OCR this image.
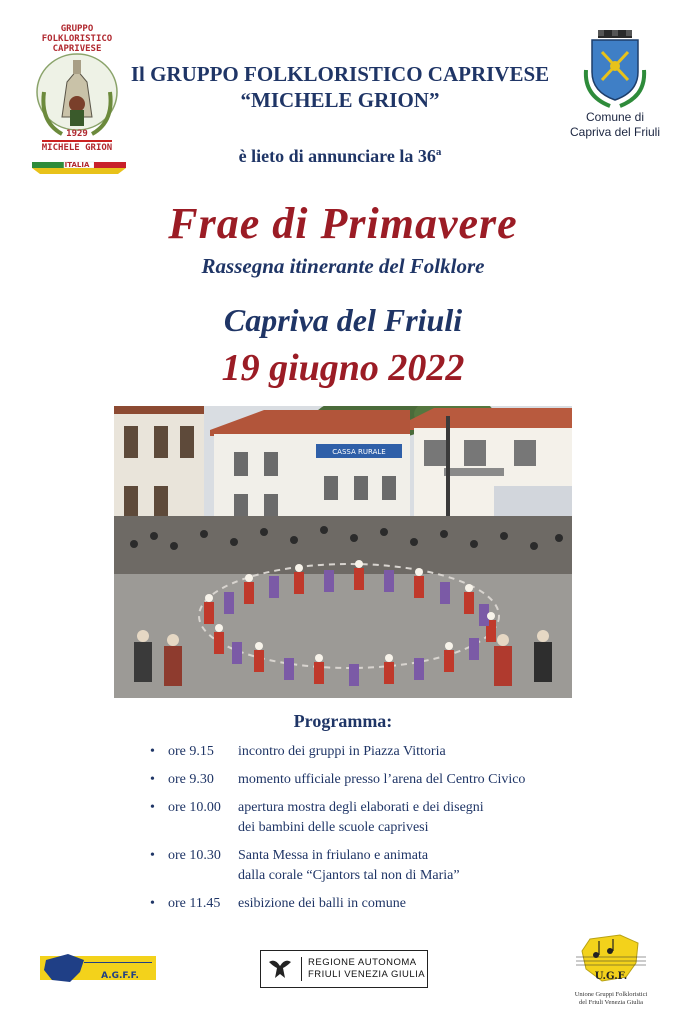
GRUPPO
FOLKLORISTICO
CAPRIVESE
1929
MICHELE GRION
ITALIA
Il GRUPPO FOLKLORISTICO CAPRIVESE
“MICHELE GRION”
Comune di
Capriva del Friuli
è lieto di annunciare la 36$^a$
Frae di Primavere
Rassegna itinerante del Folklore
Capriva del Friuli
19 giugno 2022
CASSA RURALE
Programma:
• ore 9.15	incontro dei gruppi in Piazza Vittoria
• ore 9.30	momento ufficiale presso l’arena del Centro Civico
• ore 10.00	apertura mostra degli elaborati e dei disegni
dei bambini delle scuole caprivesi
• ore 10.30	Santa Messa in friulano e animata
dalla corale “Cjantors tal non di Maria”
• ore 11.45	esibizione dei balli in comune
A.G.F.F.
REGIONE AUTONOMA
FRIULI VENEZIA GIULIA	U.G.F.
Unione Gruppi Folkloristici
del Friuli Venezia Giulia
